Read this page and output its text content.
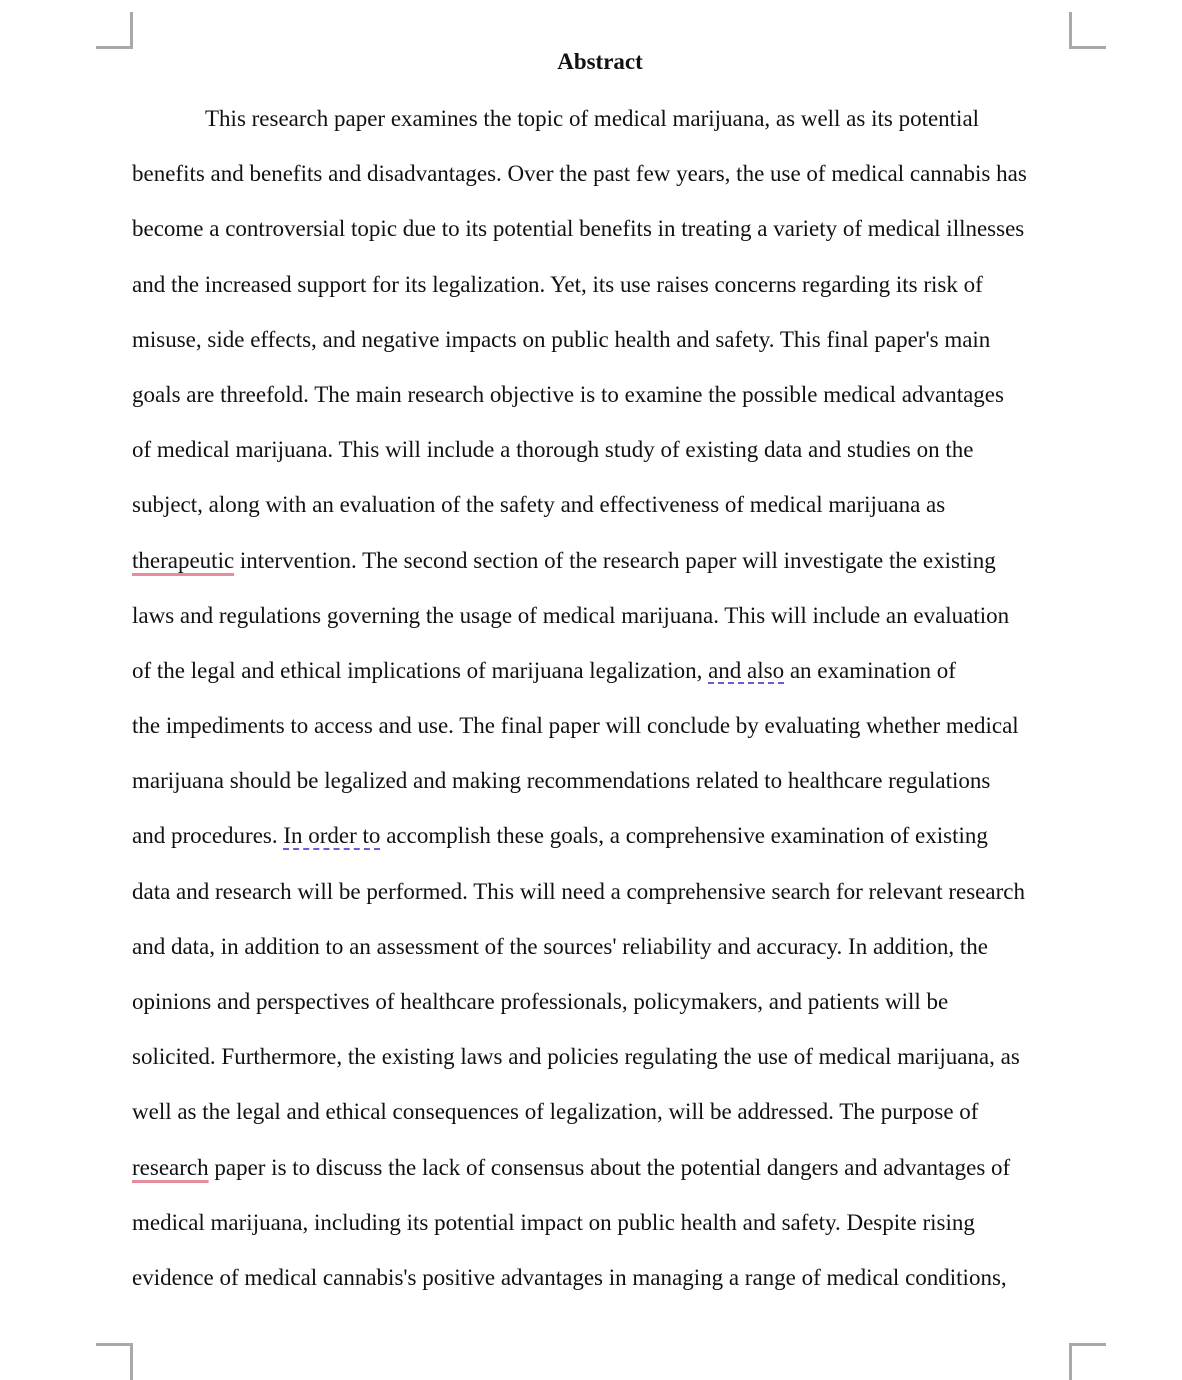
Abstract
This research paper examines the topic of medical marijuana, as well as its potential
benefits and benefits and disadvantages. Over the past few years, the use of medical cannabis has
become a controversial topic due to its potential benefits in treating a variety of medical illnesses
and the increased support for its legalization. Yet, its use raises concerns regarding its risk of
misuse, side effects, and negative impacts on public health and safety. This final paper's main
goals are threefold. The main research objective is to examine the possible medical advantages
of medical marijuana. This will include a thorough study of existing data and studies on the
subject, along with an evaluation of the safety and effectiveness of medical marijuana as
therapeutic intervention. The second section of the research paper will investigate the existing
laws and regulations governing the usage of medical marijuana. This will include an evaluation
of the legal and ethical implications of marijuana legalization, and also an examination of
the impediments to access and use. The final paper will conclude by evaluating whether medical
marijuana should be legalized and making recommendations related to healthcare regulations
and procedures. In order to accomplish these goals, a comprehensive examination of existing
data and research will be performed. This will need a comprehensive search for relevant research
and data, in addition to an assessment of the sources' reliability and accuracy. In addition, the
opinions and perspectives of healthcare professionals, policymakers, and patients will be
solicited. Furthermore, the existing laws and policies regulating the use of medical marijuana, as
well as the legal and ethical consequences of legalization, will be addressed. The purpose of
research paper is to discuss the lack of consensus about the potential dangers and advantages of
medical marijuana, including its potential impact on public health and safety. Despite rising
evidence of medical cannabis's positive advantages in managing a range of medical conditions,
